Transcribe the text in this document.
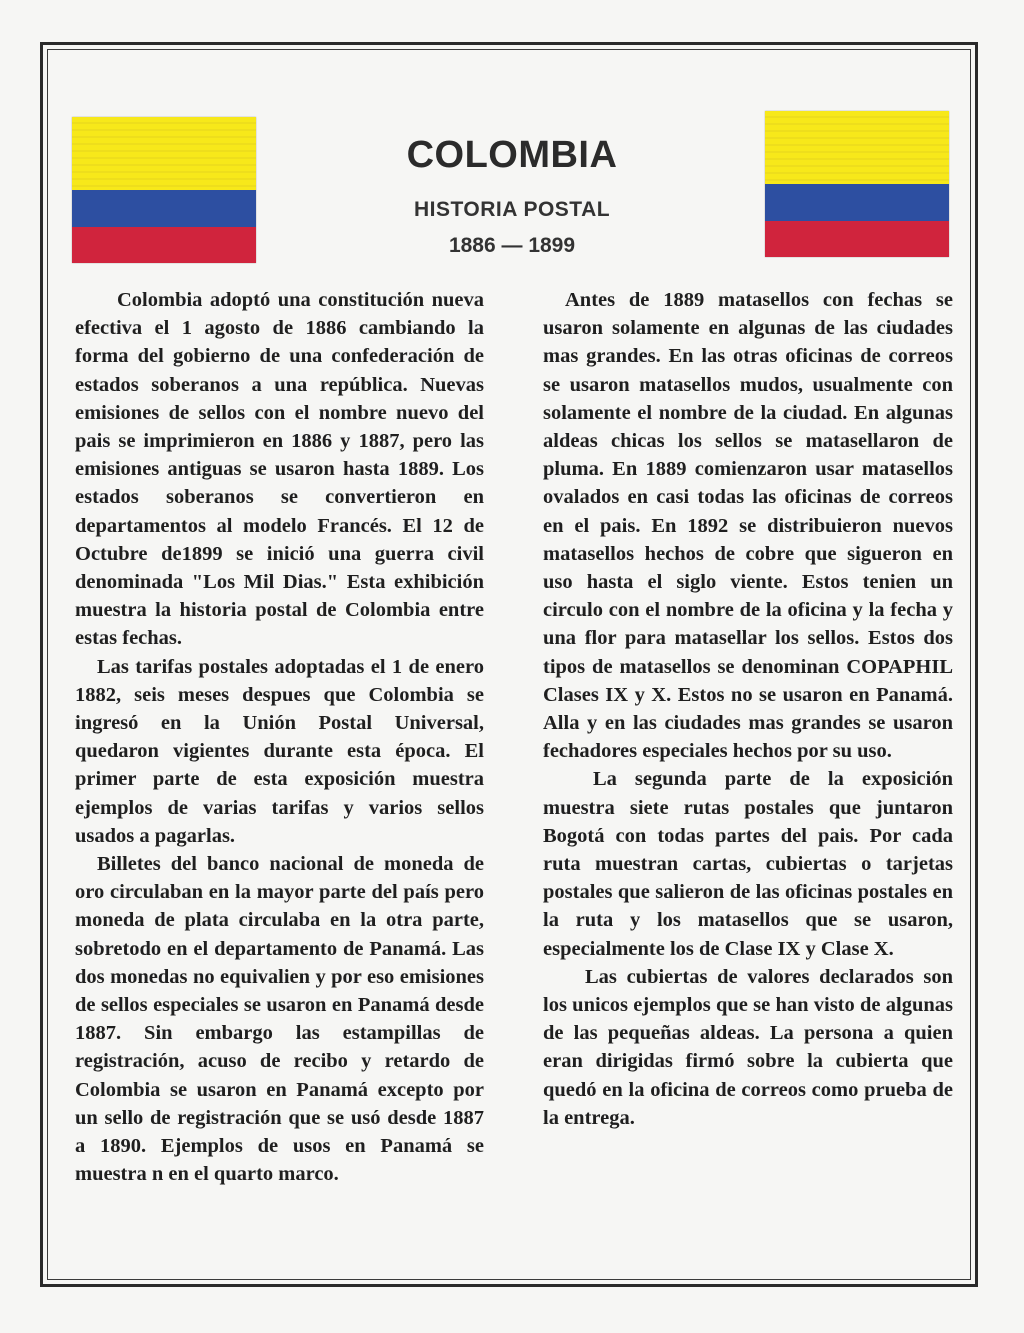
COLOMBIA
HISTORIA POSTAL
1886 — 1899

Colombia adoptó una constitución nueva efectiva el 1 agosto de 1886 cambiando la forma del gobierno de una confederación de estados soberanos a una república. Nuevas emisiones de sellos con el nombre nuevo del pais se imprimieron en 1886 y 1887, pero las emisiones antiguas se usaron hasta 1889. Los estados soberanos se convertieron en departamentos al modelo Francés. El 12 de Octubre de1899 se inició una guerra civil denominada "Los Mil Dias." Esta exhibición muestra la historia postal de Colombia entre estas fechas.

Las tarifas postales adoptadas el 1 de enero 1882, seis meses despues que Colombia se ingresó en la Unión Postal Universal, quedaron vigientes durante esta época. El primer parte de esta exposición muestra ejemplos de varias tarifas y varios sellos usados a pagarlas.

Billetes del banco nacional de moneda de oro circulaban en la mayor parte del país pero moneda de plata circulaba en la otra parte, sobretodo en el departamento de Panamá. Las dos monedas no equivalien y por eso emisiones de sellos especiales se usaron en Panamá desde 1887. Sin embargo las estampillas de registración, acuso de recibo y retardo de Colombia se usaron en Panamá excepto por un sello de registración que se usó desde 1887 a 1890. Ejemplos de usos en Panamá se muestra n en el quarto marco.

Antes de 1889 matasellos con fechas se usaron solamente en algunas de las ciudades mas grandes. En las otras oficinas de correos se usaron matasellos mudos, usualmente con solamente el nombre de la ciudad. En algunas aldeas chicas los sellos se matasellaron de pluma. En 1889 comienzaron usar matasellos ovalados en casi todas las oficinas de correos en el pais. En 1892 se distribuieron nuevos matasellos hechos de cobre que sigueron en uso hasta el siglo viente. Estos tenien un circulo con el nombre de la oficina y la fecha y una flor para matasellar los sellos. Estos dos tipos de matasellos se denominan COPAPHIL Clases IX y X. Estos no se usaron en Panamá. Alla y en las ciudades mas grandes se usaron fechadores especiales hechos por su uso.

La segunda parte de la exposición muestra siete rutas postales que juntaron Bogotá con todas partes del pais. Por cada ruta muestran cartas, cubiertas o tarjetas postales que salieron de las oficinas postales en la ruta y los matasellos que se usaron, especialmente los de Clase IX y Clase X.

Las cubiertas de valores declarados son los unicos ejemplos que se han visto de algunas de las pequeñas aldeas. La persona a quien eran dirigidas firmó sobre la cubierta que quedó en la oficina de correos como prueba de la entrega.
